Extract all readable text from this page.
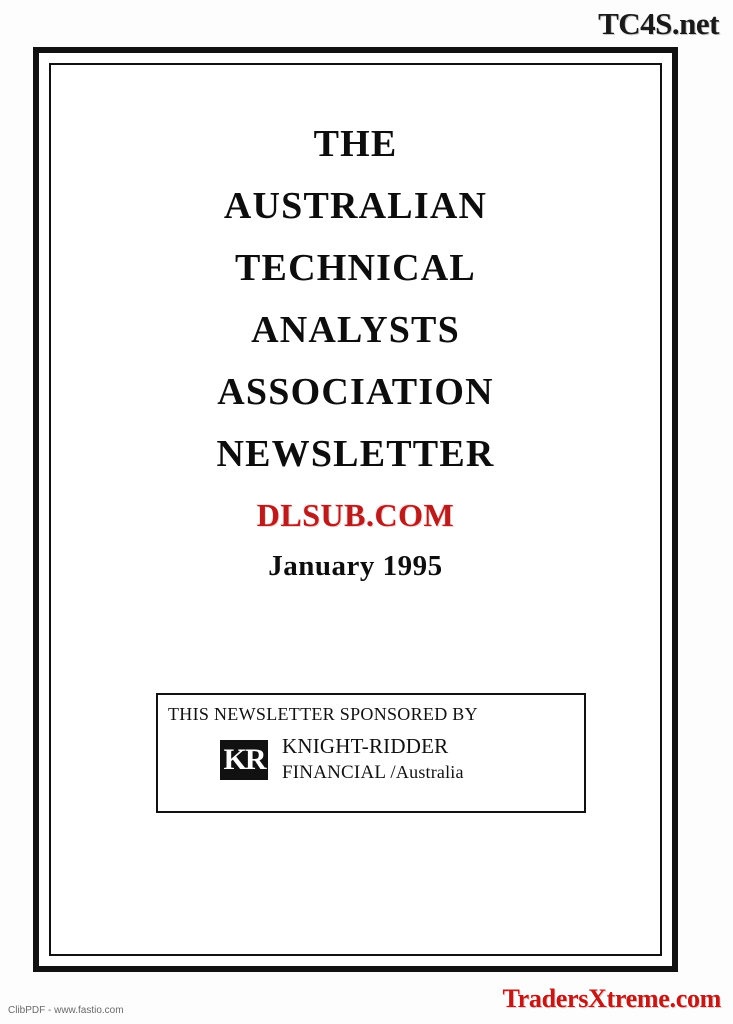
TC4S.net
THE
AUSTRALIAN
TECHNICAL
ANALYSTS
ASSOCIATION
NEWSLETTER
DLSUB.COM
January 1995
THIS NEWSLETTER SPONSORED BY
KR KNIGHT-RIDDER
FINANCIAL /Australia
ClibPDF - www.fastio.com	TradersXtreme.com
